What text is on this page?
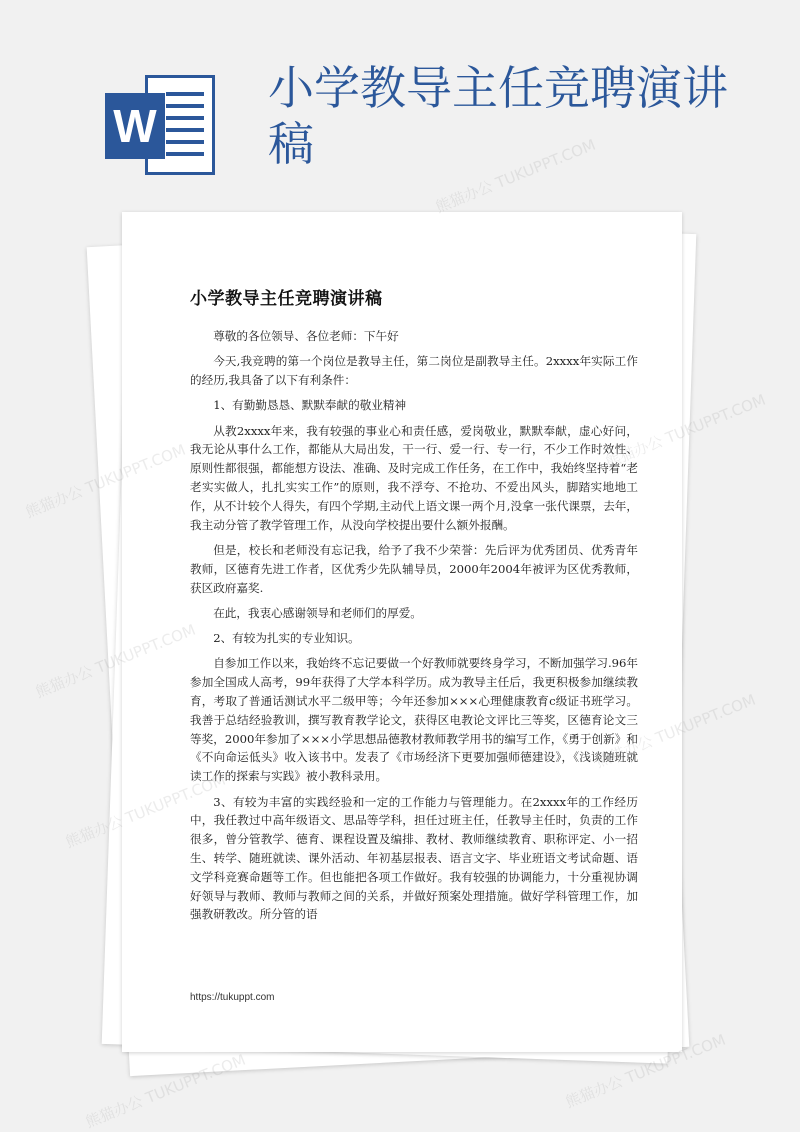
W
小学教导主任竞聘演讲稿
小学教导主任竞聘演讲稿

尊敬的各位领导、各位老师：下午好

今天,我竞聘的第一个岗位是教导主任，第二岗位是副教导主任。2xxxx年实际工作的经历,我具备了以下有利条件：

1、有勤勤恳恳、默默奉献的敬业精神

从教2xxxx年来，我有较强的事业心和责任感，爱岗敬业，默默奉献，虚心好问，我无论从事什么工作，都能从大局出发，干一行、爱一行、专一行，不少工作时效性、原则性都很强，都能想方设法、准确、及时完成工作任务，在工作中，我始终坚持着“老老实实做人，扎扎实实工作”的原则，我不浮夸、不抢功、不爱出风头，脚踏实地地工作，从不计较个人得失，有四个学期,主动代上语文课一两个月,没拿一张代课票，去年，我主动分管了教学管理工作，从没向学校提出要什么额外报酬。

但是，校长和老师没有忘记我，给予了我不少荣誉：先后评为优秀团员、优秀青年教师，区德育先进工作者，区优秀少先队辅导员，2000年2004年被评为区优秀教师，获区政府嘉奖.

在此，我衷心感谢领导和老师们的厚爱。

2、有较为扎实的专业知识。

自参加工作以来，我始终不忘记要做一个好教师就要终身学习，不断加强学习.96年参加全国成人高考，99年获得了大学本科学历。成为教导主任后，我更积极参加继续教育，考取了普通话测试水平二级甲等；今年还参加×××心理健康教育c级证书班学习。我善于总结经验教训，撰写教育教学论文，获得区电教论文评比三等奖，区德育论文三等奖，2000年参加了×××小学思想品德教材教师教学用书的编写工作，《勇于创新》和《不向命运低头》收入该书中。发表了《市场经济下更要加强师德建设》，《浅谈随班就读工作的探索与实践》被小教科录用。

3、有较为丰富的实践经验和一定的工作能力与管理能力。在2xxxx年的工作经历中，我任教过中高年级语文、思品等学科，担任过班主任，任教导主任时，负责的工作很多，曾分管教学、德育、课程设置及编排、教材、教师继续教育、职称评定、小一招生、转学、随班就读、课外活动、年初基层报表、语言文字、毕业班语文考试命题、语文学科竞赛命题等工作。但也能把各项工作做好。我有较强的协调能力，十分重视协调好领导与教师、教师与教师之间的关系，并做好预案处理措施。做好学科管理工作，加强教研教改。所分管的语

https://tukuppt.com
熊猫办公 TUKUPPT.COM
TUKUPPT.COM
熊猫办公
熊猫办公
TUKUPPT.COM
熊猫办公
熊猫办公 TUKUPPT.COM	熊猫办公 TUKUPPT.COM
